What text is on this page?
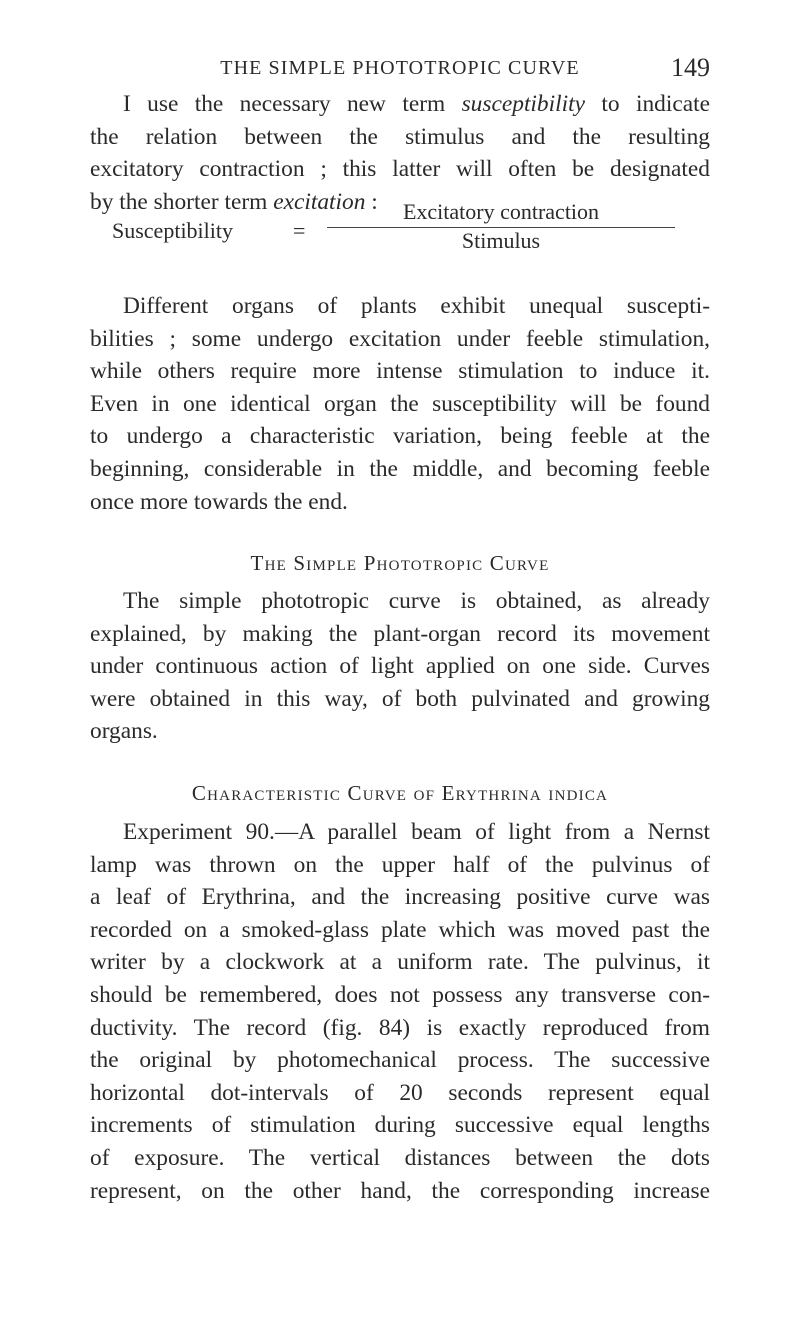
THE SIMPLE PHOTOTROPIC CURVE	149

I use the necessary new term susceptibility to indicate
the relation between the stimulus and the resulting
excitatory contraction ; this latter will often be designated
by the shorter term excitation :

Susceptibility	=
Excitatory contraction
Stimulus

Different organs of plants exhibit unequal suscepti-
bilities ; some undergo excitation under feeble stimulation,
while others require more intense stimulation to induce it.
Even in one identical organ the susceptibility will be found
to undergo a characteristic variation, being feeble at the
beginning, considerable in the middle, and becoming feeble
once more towards the end.

The Simple Phototropic Curve

The simple phototropic curve is obtained, as already
explained, by making the plant-organ record its movement
under continuous action of light applied on one side. Curves
were obtained in this way, of both pulvinated and growing
organs.

Characteristic Curve of Erythrina indica

Experiment 90.—A parallel beam of light from a Nernst
lamp was thrown on the upper half of the pulvinus of
a leaf of Erythrina, and the increasing positive curve was
recorded on a smoked-glass plate which was moved past the
writer by a clockwork at a uniform rate. The pulvinus, it
should be remembered, does not possess any transverse con-
ductivity. The record (fig. 84) is exactly reproduced from
the original by photomechanical process. The successive
horizontal dot-intervals of 20 seconds represent equal
increments of stimulation during successive equal lengths
of exposure. The vertical distances between the dots
represent, on the other hand, the corresponding increase
